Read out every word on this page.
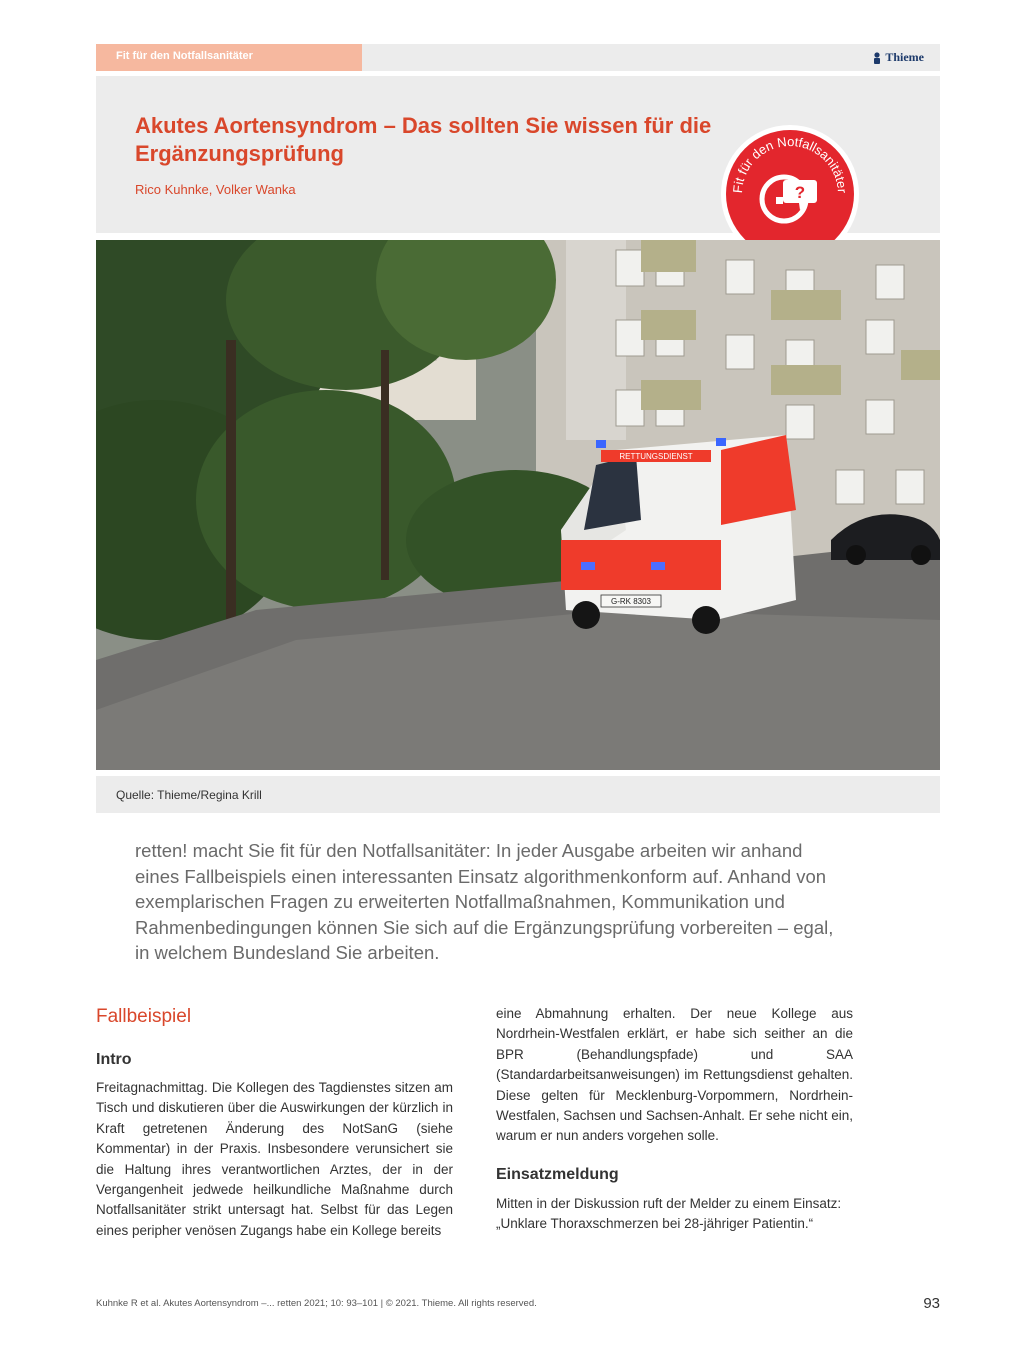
Fit für den Notfallsanitäter	Thieme
Akutes Aortensyndrom – Das sollten Sie wissen für die Ergänzungsprüfung
Rico Kuhnke, Volker Wanka	Fit für den Notfallsanitäter
?
RETTUNGSDIENST
G-RK 8303
Quelle: Thieme/Regina Krill
retten! macht Sie fit für den Notfallsanitäter: In jeder Ausgabe arbeiten wir anhand eines Fallbeispiels einen interessanten Einsatz algorithmenkonform auf. Anhand von exemplarischen Fragen zu erweiterten Notfallmaßnahmen, Kommunikation und Rahmenbedingungen können Sie sich auf die Ergänzungsprüfung vorbereiten – egal, in welchem Bundesland Sie arbeiten.
Fallbeispiel
Intro
Freitagnachmittag. Die Kollegen des Tagdienstes sitzen am Tisch und diskutieren über die Auswirkungen der kürzlich in Kraft getretenen Änderung des NotSanG (siehe Kommentar) in der Praxis. Insbesondere verunsichert sie die Haltung ihres verantwortlichen Arztes, der in der Vergangenheit jedwede heilkundliche Maßnahme durch Notfallsanitäter strikt untersagt hat. Selbst für das Legen eines peripher venösen Zugangs habe ein Kollege bereits
eine Abmahnung erhalten. Der neue Kollege aus Nordrhein-Westfalen erklärt, er habe sich seither an die BPR (Behandlungspfade) und SAA (Standardarbeitsanweisungen) im Rettungsdienst gehalten. Diese gelten für Mecklenburg-Vorpommern, Nordrhein-Westfalen, Sachsen und Sachsen-Anhalt. Er sehe nicht ein, warum er nun anders vorgehen solle.
Einsatzmeldung
Mitten in der Diskussion ruft der Melder zu einem Einsatz: „Unklare Thoraxschmerzen bei 28-jähriger Patientin.“
Kuhnke R et al. Akutes Aortensyndrom –... retten 2021; 10: 93–101 | © 2021. Thieme. All rights reserved.	93
